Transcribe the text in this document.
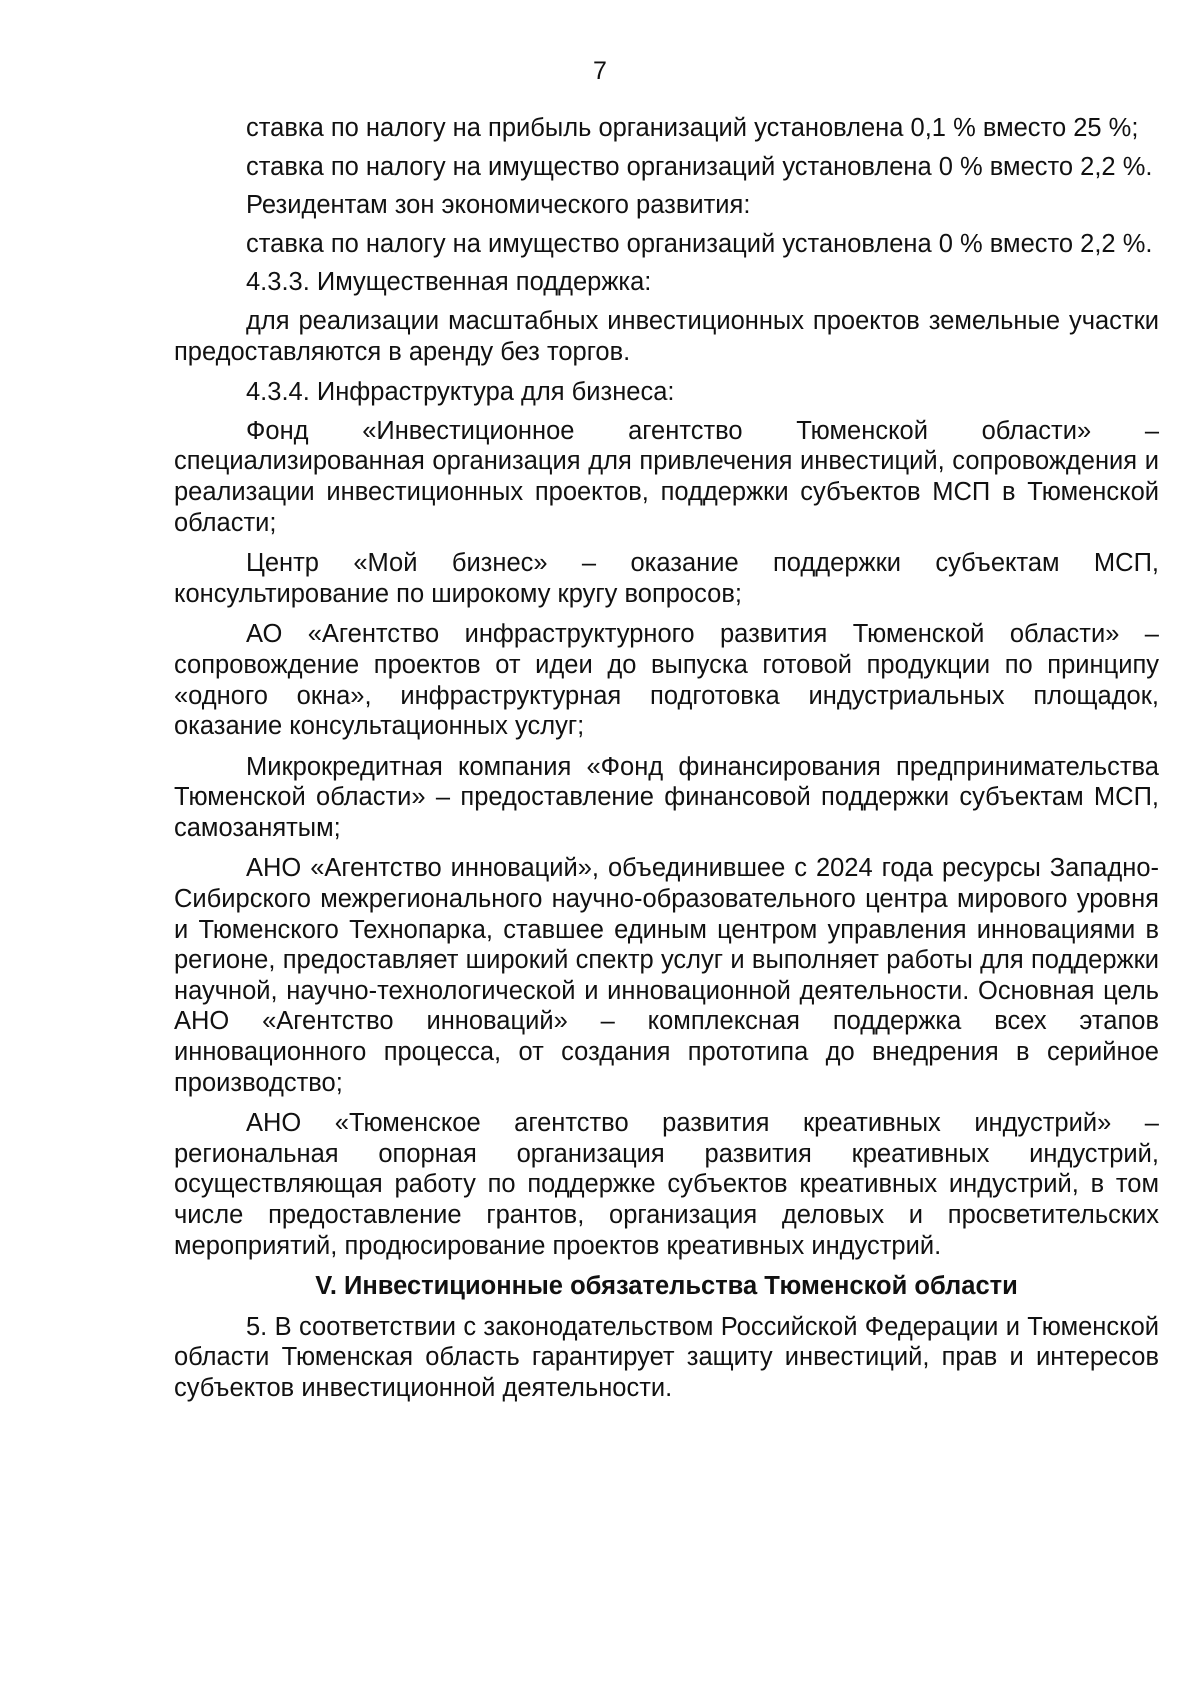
7

ставка по налогу на прибыль организаций установлена 0,1 % вместо 25 %;

ставка по налогу на имущество организаций установлена 0 % вместо 2,2 %.

Резидентам зон экономического развития:

ставка по налогу на имущество организаций установлена 0 % вместо 2,2 %.

4.3.3. Имущественная поддержка:

для реализации масштабных инвестиционных проектов земельные участки предоставляются в аренду без торгов.

4.3.4. Инфраструктура для бизнеса:

Фонд «Инвестиционное агентство Тюменской области» – специализированная организация для привлечения инвестиций, сопровождения и реализации инвестиционных проектов, поддержки субъектов МСП в Тюменской области;

Центр «Мой бизнес» – оказание поддержки субъектам МСП, консультирование по широкому кругу вопросов;

АО «Агентство инфраструктурного развития Тюменской области» – сопровождение проектов от идеи до выпуска готовой продукции по принципу «одного окна», инфраструктурная подготовка индустриальных площадок, оказание консультационных услуг;

Микрокредитная компания «Фонд финансирования предпринимательства Тюменской области» – предоставление финансовой поддержки субъектам МСП, самозанятым;

АНО «Агентство инноваций», объединившее с 2024 года ресурсы Западно-Сибирского межрегионального научно-образовательного центра мирового уровня и Тюменского Технопарка, ставшее единым центром управления инновациями в регионе, предоставляет широкий спектр услуг и выполняет работы для поддержки научной, научно-технологической и инновационной деятельности. Основная цель АНО «Агентство инноваций» – комплексная поддержка всех этапов инновационного процесса, от создания прототипа до внедрения в серийное производство;

АНО «Тюменское агентство развития креативных индустрий» – региональная опорная организация развития креативных индустрий, осуществляющая работу по поддержке субъектов креативных индустрий, в том числе предоставление грантов, организация деловых и просветительских мероприятий, продюсирование проектов креативных индустрий.

V. Инвестиционные обязательства Тюменской области

5. В соответствии с законодательством Российской Федерации и Тюменской области Тюменская область гарантирует защиту инвестиций, прав и интересов субъектов инвестиционной деятельности.
